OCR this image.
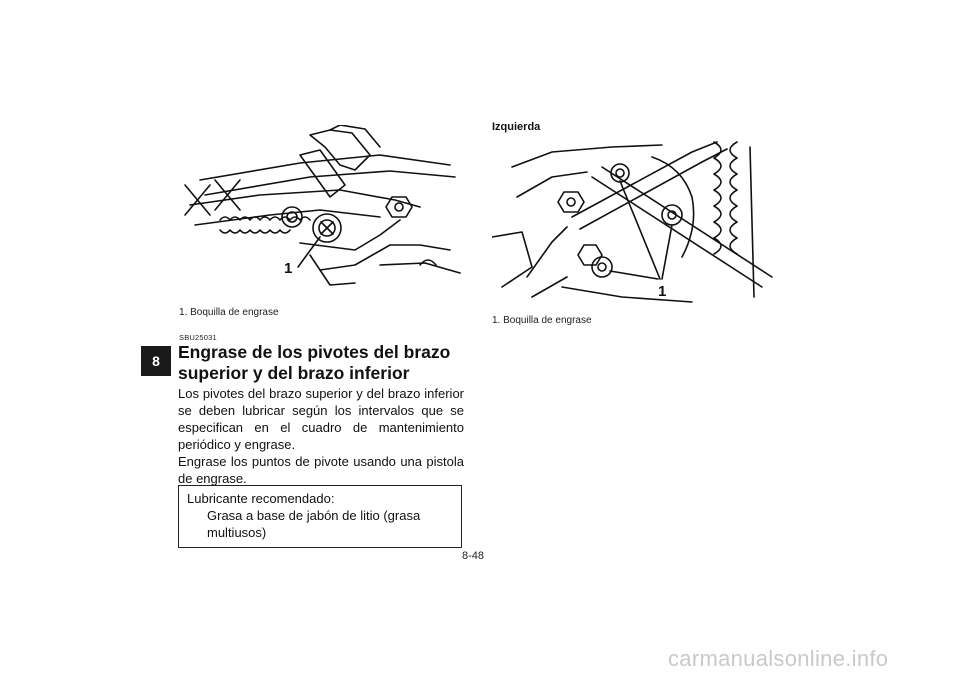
8
1
1. Boquilla de engrase
SBU25031
Engrase de los pivotes del brazo superior y del brazo inferior
Los pivotes del brazo superior y del brazo inferior se deben lubricar según los intervalos que se especifican en el cuadro de mantenimiento periódico y engrase.
Engrase los puntos de pivote usando una pistola de engrase.
Lubricante recomendado:
Grasa a base de jabón de litio (grasa multiusos)
Izquierda
1
1. Boquilla de engrase
8-48
carmanualsonline.info
